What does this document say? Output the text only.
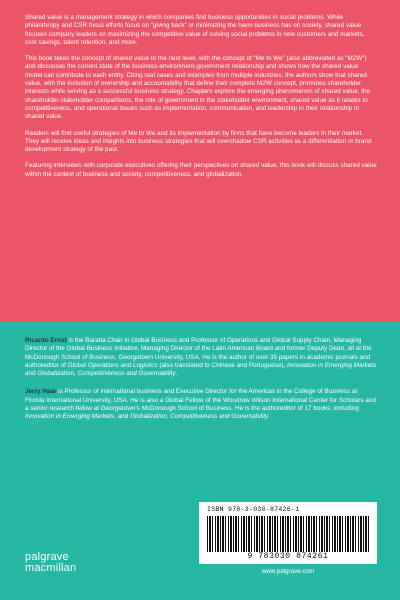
Shared value is a management strategy in which companies find business opportunities in social problems. While philanthropy and CSR focus efforts focus on “giving back” or minimizing the harm business has on society, shared value focuses company leaders on maximizing the competitive value of solving social problems in new customers and markets, cost savings, talent retention, and more.

This book takes the concept of shared value to the next level, with the concept of “Me to We” (also abbreviated as “M2W”) and discusses the current state of the business-environment-government relationship and shows how the shared value model can contribute to each entity. Citing real cases and examples from multiple industries, the authors show that shared value, with the inclusion of ownership and accountability that define their complete M2W concept, promotes shareholder interests while serving as a successful business strategy. Chapters explore the emerging phenomenon of shared value, the shareholder-stakeholder comparisons, the role of government in the stakeholder environment, shared value as it relates to competitiveness, and operational issues such as implementation, communication, and leadership in their relationship to shared value.

Readers will find useful strategies of Me to We and its implementation by firms that have become leaders in their market. They will receive ideas and insights into business strategies that will overshadow CSR activities as a differentiation or brand development strategy of the past.

Featuring interviews with corporate executives offering their perspectives on shared value, this book will discuss shared value within the context of business and society, competitiveness, and globalization.

Ricardo Ernst is the Baratta Chair in Global Business and Professor of Operations and Global Supply Chain, Managing Director of the Global Business Initiative, Managing Director of the Latin American Board and former Deputy Dean, all at the McDonough School of Business, Georgetown University, USA. He is the author of over 35 papers in academic journals and authoreditor of Global Operations and Logistics (also translated to Chinese and Portuguese), Innovation in Emerging Markets and Globalization, Competitiveness and Governability.

Jerry Haar is Professor of international business and Executive Director for the Americas in the College of Business at Florida International University, USA. He is also a Global Fellow of the Woodrow Wilson International Center for Scholars and a senior research fellow at Georgetown’s McDonough School of Business. He is the authoreditor of 17 books, including Innovation in Emerging Markets, and Globalization, Competitiveness and Governability.

palgrave
macmillan
ISBN 978-3-030-87426-1
9 783030 874261
www.palgrave.com
